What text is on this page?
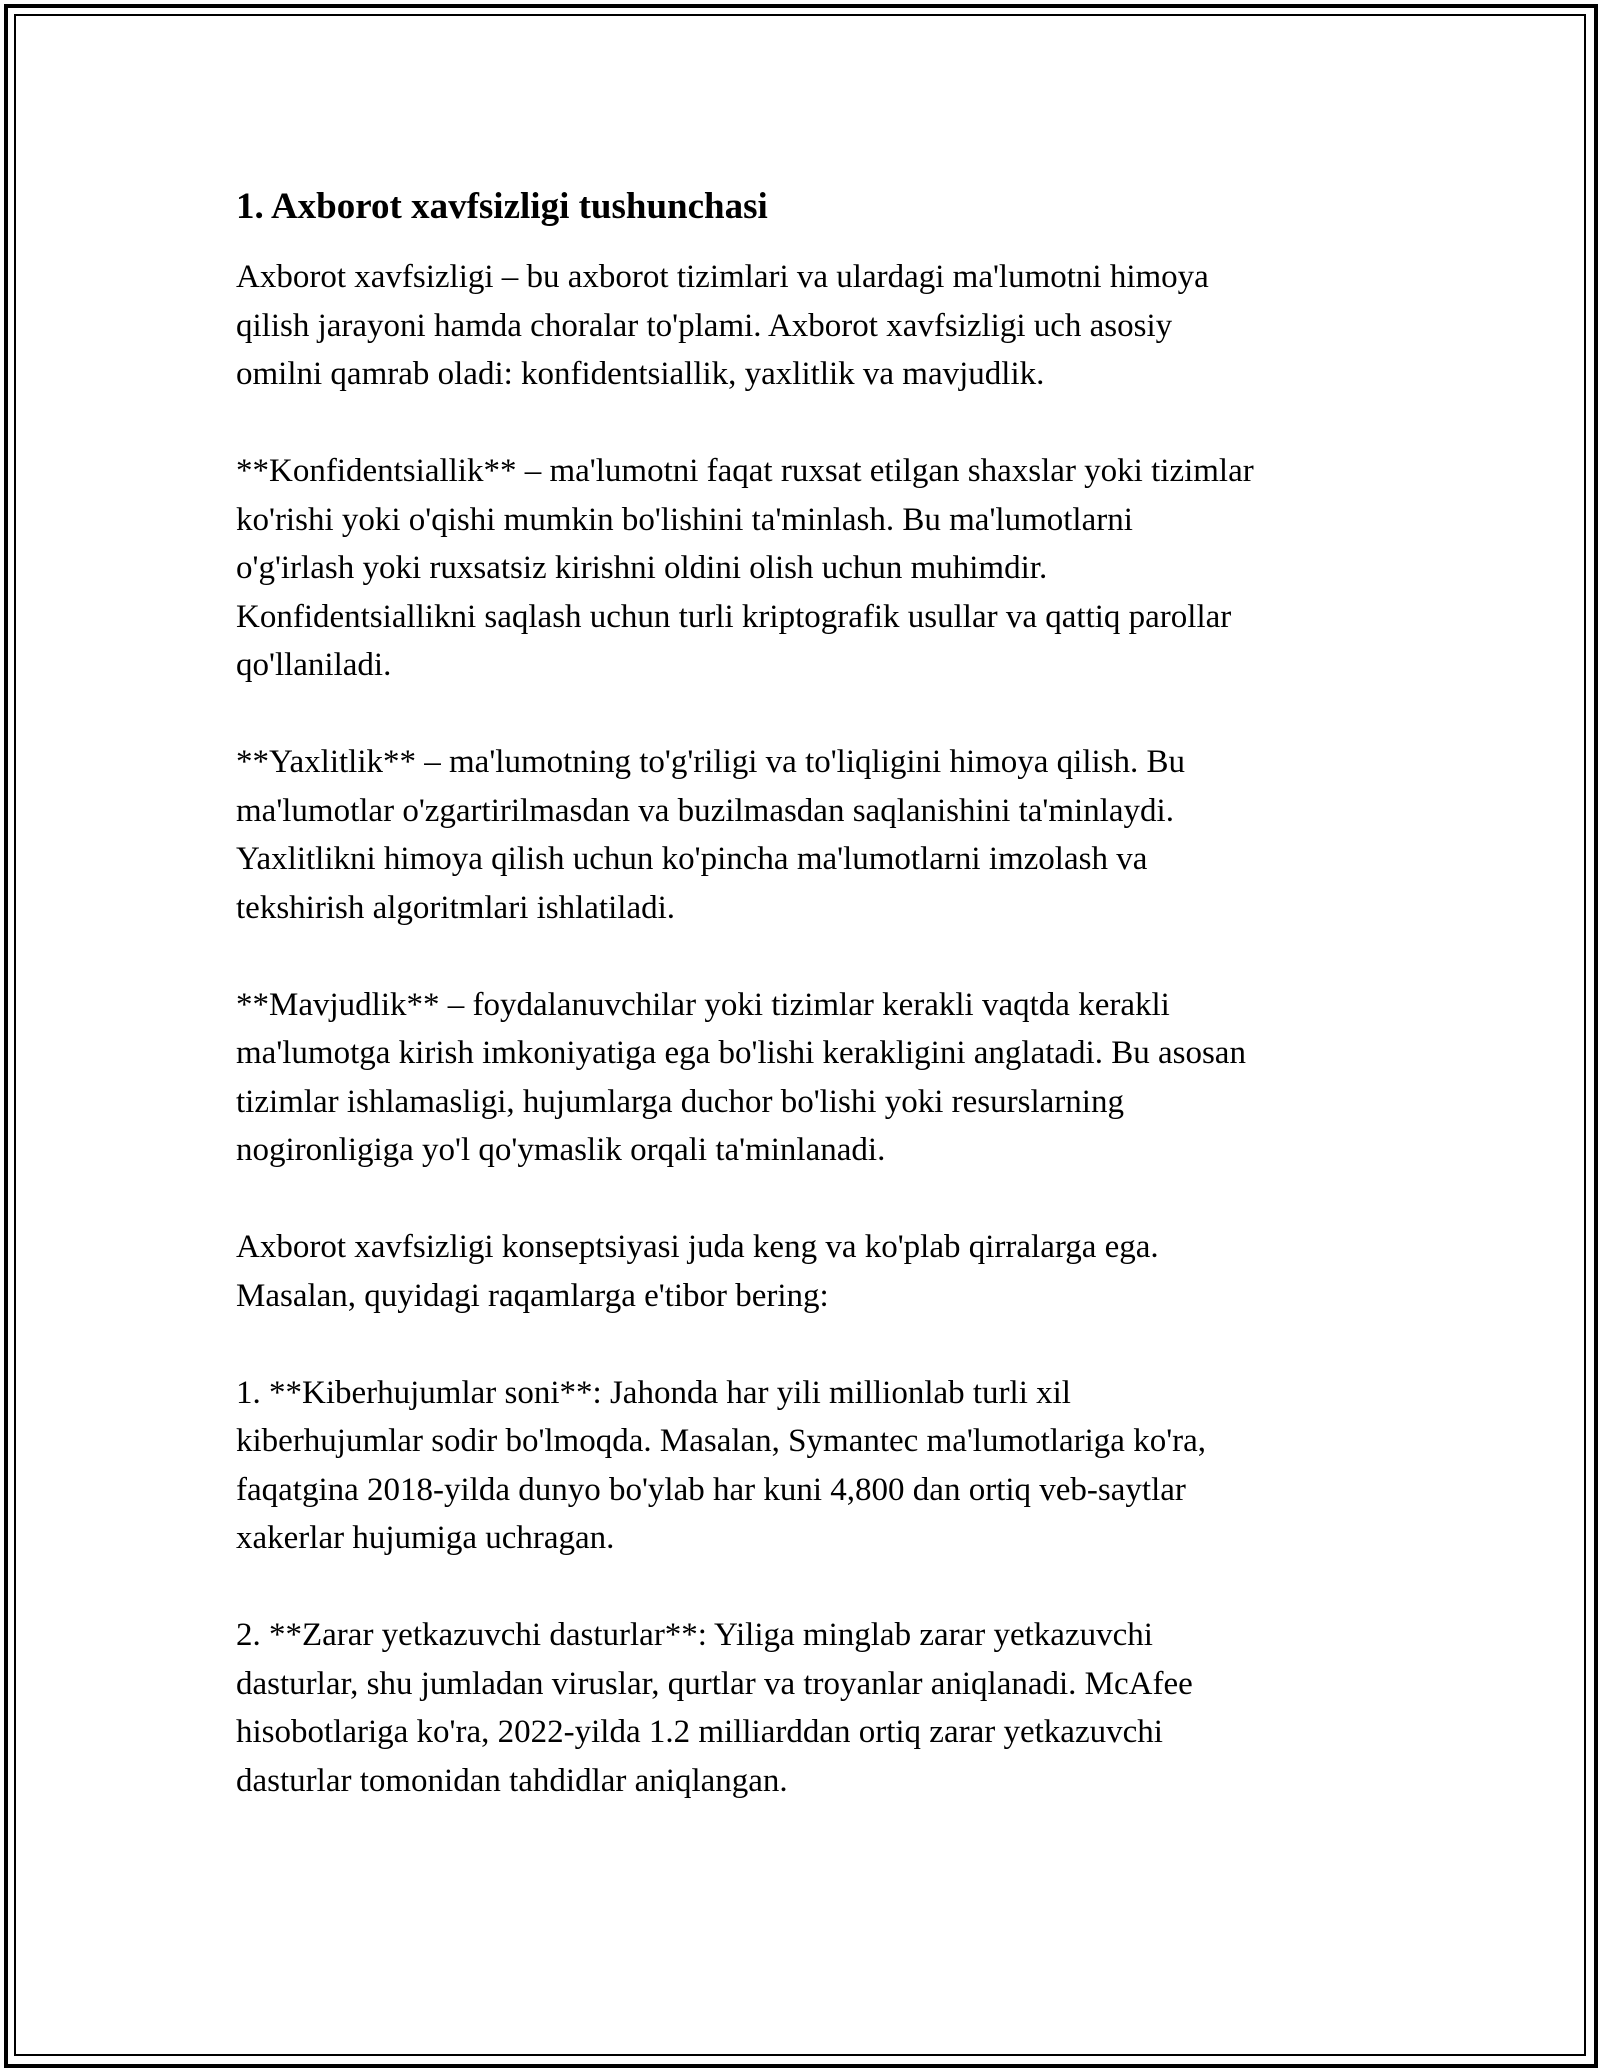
1. Axborot xavfsizligi tushunchasi

Axborot xavfsizligi – bu axborot tizimlari va ulardagi ma'lumotni himoya
qilish jarayoni hamda choralar to'plami. Axborot xavfsizligi uch asosiy
omilni qamrab oladi: konfidentsiallik, yaxlitlik va mavjudlik.

**Konfidentsiallik** – ma'lumotni faqat ruxsat etilgan shaxslar yoki tizimlar
ko'rishi yoki o'qishi mumkin bo'lishini ta'minlash. Bu ma'lumotlarni
o'g'irlash yoki ruxsatsiz kirishni oldini olish uchun muhimdir.
Konfidentsiallikni saqlash uchun turli kriptografik usullar va qattiq parollar
qo'llaniladi.

**Yaxlitlik** – ma'lumotning to'g'riligi va to'liqligini himoya qilish. Bu
ma'lumotlar o'zgartirilmasdan va buzilmasdan saqlanishini ta'minlaydi.
Yaxlitlikni himoya qilish uchun ko'pincha ma'lumotlarni imzolash va
tekshirish algoritmlari ishlatiladi.

**Mavjudlik** – foydalanuvchilar yoki tizimlar kerakli vaqtda kerakli
ma'lumotga kirish imkoniyatiga ega bo'lishi kerakligini anglatadi. Bu asosan
tizimlar ishlamasligi, hujumlarga duchor bo'lishi yoki resurslarning
nogironligiga yo'l qo'ymaslik orqali ta'minlanadi.

Axborot xavfsizligi konseptsiyasi juda keng va ko'plab qirralarga ega.
Masalan, quyidagi raqamlarga e'tibor bering:

1. **Kiberhujumlar soni**: Jahonda har yili millionlab turli xil
kiberhujumlar sodir bo'lmoqda. Masalan, Symantec ma'lumotlariga ko'ra,
faqatgina 2018-yilda dunyo bo'ylab har kuni 4,800 dan ortiq veb-saytlar
xakerlar hujumiga uchragan.

2. **Zarar yetkazuvchi dasturlar**: Yiliga minglab zarar yetkazuvchi
dasturlar, shu jumladan viruslar, qurtlar va troyanlar aniqlanadi. McAfee
hisobotlariga ko'ra, 2022-yilda 1.2 milliarddan ortiq zarar yetkazuvchi
dasturlar tomonidan tahdidlar aniqlangan.
